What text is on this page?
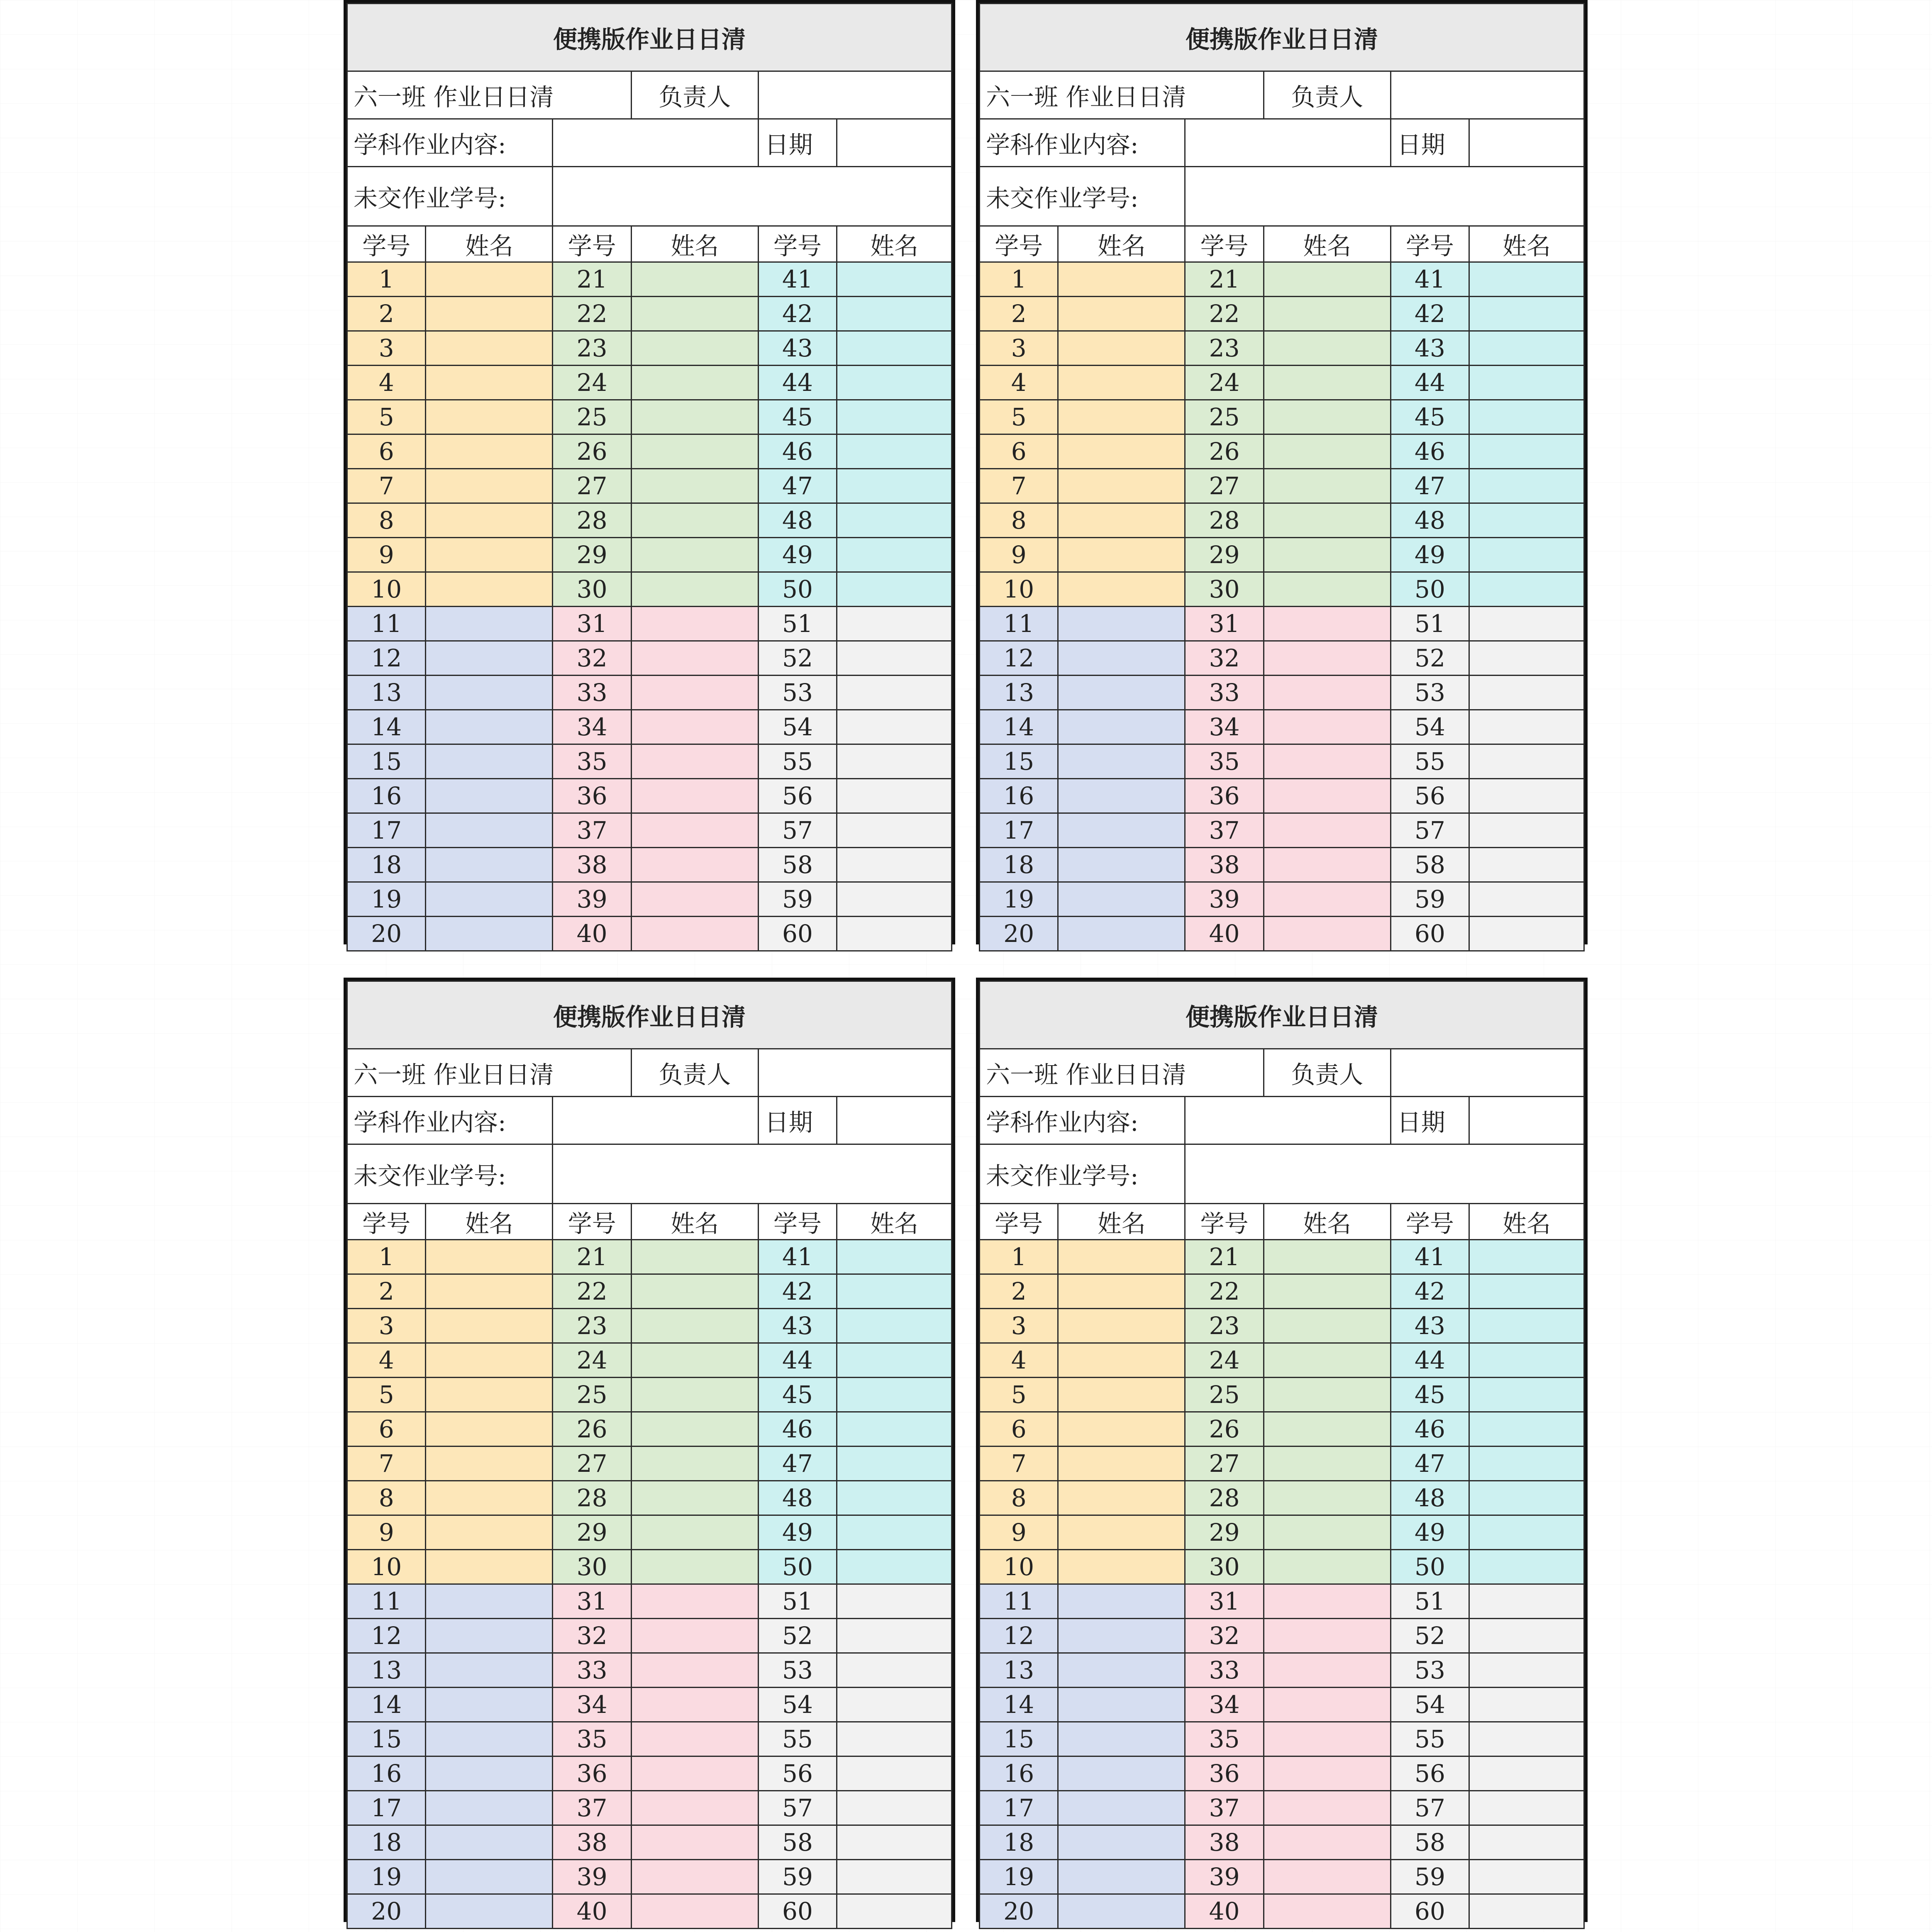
便携版作业日日清					
六一班 作业日日清			负责人		
学科作业内容:				日期	
未交作业学号:					
学号	姓名	学号	姓名	学号	姓名
1		21		41	
2		22		42	
3		23		43	
4		24		44	
5		25		45	
6		26		46	
7		27		47	
8		28		48	
9		29		49	
10		30		50	
11		31		51	
12		32		52	
13		33		53	
14		34		54	
15		35		55	
16		36		56	
17		37		57	
18		38		58	
19		39		59	
20		40		60	
便携版作业日日清					
六一班 作业日日清			负责人		
学科作业内容:				日期	
未交作业学号:					
学号	姓名	学号	姓名	学号	姓名
1		21		41	
2		22		42	
3		23		43	
4		24		44	
5		25		45	
6		26		46	
7		27		47	
8		28		48	
9		29		49	
10		30		50	
11		31		51	
12		32		52	
13		33		53	
14		34		54	
15		35		55	
16		36		56	
17		37		57	
18		38		58	
19		39		59	
20		40		60	
便携版作业日日清					
六一班 作业日日清			负责人		
学科作业内容:				日期	
未交作业学号:					
学号	姓名	学号	姓名	学号	姓名
1		21		41	
2		22		42	
3		23		43	
4		24		44	
5		25		45	
6		26		46	
7		27		47	
8		28		48	
9		29		49	
10		30		50	
11		31		51	
12		32		52	
13		33		53	
14		34		54	
15		35		55	
16		36		56	
17		37		57	
18		38		58	
19		39		59	
20		40		60	
便携版作业日日清					
六一班 作业日日清			负责人		
学科作业内容:				日期	
未交作业学号:					
学号	姓名	学号	姓名	学号	姓名
1		21		41	
2		22		42	
3		23		43	
4		24		44	
5		25		45	
6		26		46	
7		27		47	
8		28		48	
9		29		49	
10		30		50	
11		31		51	
12		32		52	
13		33		53	
14		34		54	
15		35		55	
16		36		56	
17		37		57	
18		38		58	
19		39		59	
20		40		60	
